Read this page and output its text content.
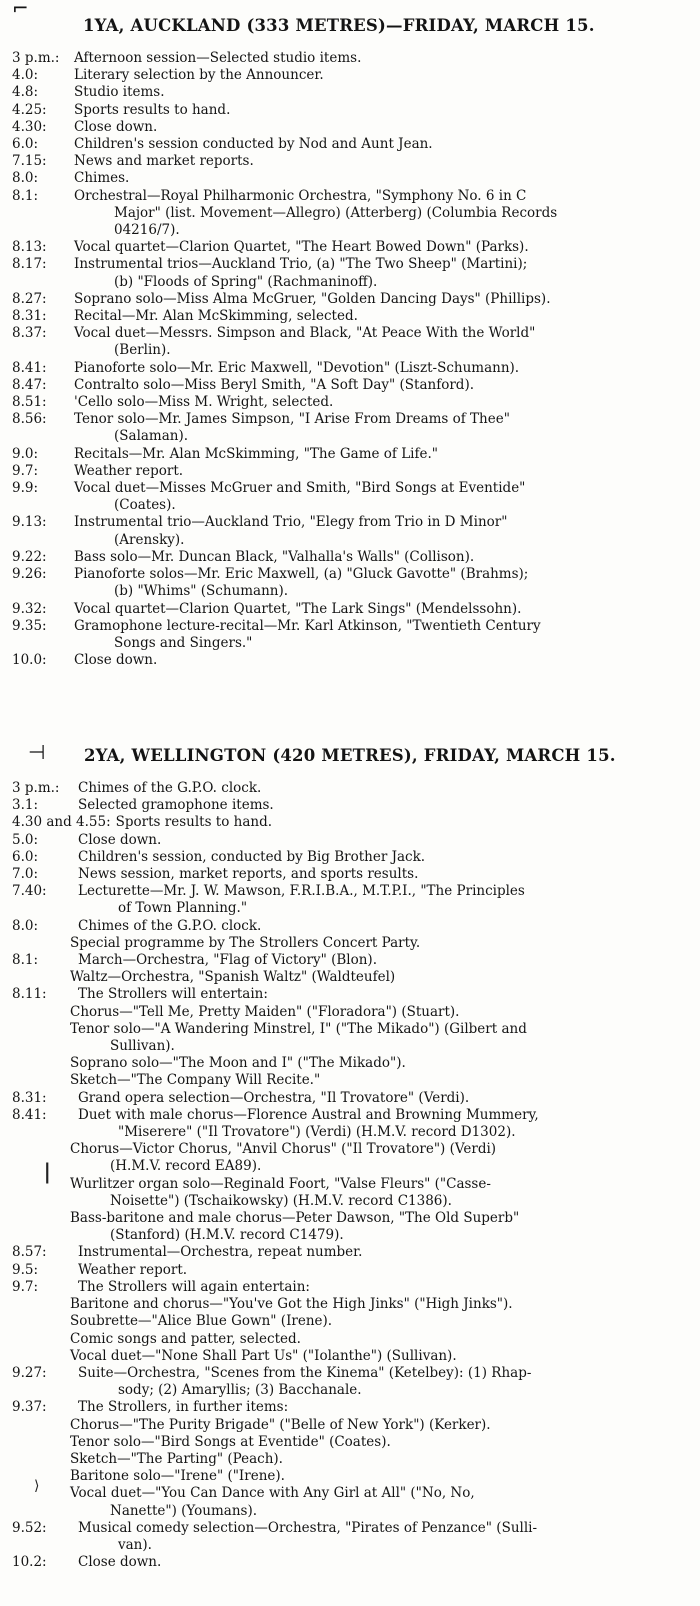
⌐
1YA, AUCKLAND (333 METRES)—FRIDAY, MARCH 15.
3 p.m.:	Afternoon session—Selected studio items.
4.0:	Literary selection by the Announcer.
4.8:	Studio items.
4.25:	Sports results to hand.
4.30:	Close down.
6.0:	Children's session conducted by Nod and Aunt Jean.
7.15:	News and market reports.
8.0:	Chimes.
8.1:	Orchestral—Royal Philharmonic Orchestra, "Symphony No. 6 in C
Major" (list. Movement—Allegro) (Atterberg) (Columbia Records
04216/7).
8.13:	Vocal quartet—Clarion Quartet, "The Heart Bowed Down" (Parks).
8.17:	Instrumental trios—Auckland Trio, (a) "The Two Sheep" (Martini);
(b) "Floods of Spring" (Rachmaninoff).
8.27:	Soprano solo—Miss Alma McGruer, "Golden Dancing Days" (Phillips).
8.31:	Recital—Mr. Alan McSkimming, selected.
8.37:	Vocal duet—Messrs. Simpson and Black, "At Peace With the World"
(Berlin).
8.41:	Pianoforte solo—Mr. Eric Maxwell, "Devotion" (Liszt-Schumann).
8.47:	Contralto solo—Miss Beryl Smith, "A Soft Day" (Stanford).
8.51:	'Cello solo—Miss M. Wright, selected.
8.56:	Tenor solo—Mr. James Simpson, "I Arise From Dreams of Thee"
(Salaman).
9.0:	Recitals—Mr. Alan McSkimming, "The Game of Life."
9.7:	Weather report.
9.9:	Vocal duet—Misses McGruer and Smith, "Bird Songs at Eventide"
(Coates).
9.13:	Instrumental trio—Auckland Trio, "Elegy from Trio in D Minor"
(Arensky).
9.22:	Bass solo—Mr. Duncan Black, "Valhalla's Walls" (Collison).
9.26:	Pianoforte solos—Mr. Eric Maxwell, (a) "Gluck Gavotte" (Brahms);
(b) "Whims" (Schumann).
9.32:	Vocal quartet—Clarion Quartet, "The Lark Sings" (Mendelssohn).
9.35:	Gramophone lecture-recital—Mr. Karl Atkinson, "Twentieth Century
Songs and Singers."
10.0:	Close down.
⊣ 2YA, WELLINGTON (420 METRES), FRIDAY, MARCH 15.
3 p.m.:	Chimes of the G.P.O. clock.
3.1:	Selected gramophone items.
4.30 and 4.55: Sports results to hand.
5.0:	Close down.
6.0:	Children's session, conducted by Big Brother Jack.
7.0:	News session, market reports, and sports results.
7.40:	Lecturette—Mr. J. W. Mawson, F.R.I.B.A., M.T.P.I., "The Principles
of Town Planning."
8.0:	Chimes of the G.P.O. clock.
Special programme by The Strollers Concert Party.
8.1:	March—Orchestra, "Flag of Victory" (Blon).
Waltz—Orchestra, "Spanish Waltz" (Waldteufel)
8.11:	The Strollers will entertain:
Chorus—"Tell Me, Pretty Maiden" ("Floradora") (Stuart).
Tenor solo—"A Wandering Minstrel, I" ("The Mikado") (Gilbert and
Sullivan).
Soprano solo—"The Moon and I" ("The Mikado").
Sketch—"The Company Will Recite."
8.31:	Grand opera selection—Orchestra, "Il Trovatore" (Verdi).
8.41:	Duet with male chorus—Florence Austral and Browning Mummery,
"Miserere" ("Il Trovatore") (Verdi) (H.M.V. record D1302).
Chorus—Victor Chorus, "Anvil Chorus" ("Il Trovatore") (Verdi)
(H.M.V. record EA89).
Wurlitzer organ solo—Reginald Foort, "Valse Fleurs" ("Casse-
Noisette") (Tschaikowsky) (H.M.V. record C1386).
Bass-baritone and male chorus—Peter Dawson, "The Old Superb"
(Stanford) (H.M.V. record C1479).
8.57:	Instrumental—Orchestra, repeat number.
9.5:	Weather report.
9.7:	The Strollers will again entertain:
Baritone and chorus—"You've Got the High Jinks" ("High Jinks").
Soubrette—"Alice Blue Gown" (Irene).
Comic songs and patter, selected.
Vocal duet—"None Shall Part Us" ("Iolanthe") (Sullivan).
9.27:	Suite—Orchestra, "Scenes from the Kinema" (Ketelbey): (1) Rhap-
sody; (2) Amaryllis; (3) Bacchanale.
9.37:	The Strollers, in further items:
Chorus—"The Purity Brigade" ("Belle of New York") (Kerker).
Tenor solo—"Bird Songs at Eventide" (Coates).
Sketch—"The Parting" (Peach).
Baritone solo—"Irene" ("Irene).
Vocal duet—"You Can Dance with Any Girl at All" ("No, No,
Nanette") (Youmans).
9.52:	Musical comedy selection—Orchestra, "Pirates of Penzance" (Sulli-
van).
10.2:	Close down.
ǀ
⟩
